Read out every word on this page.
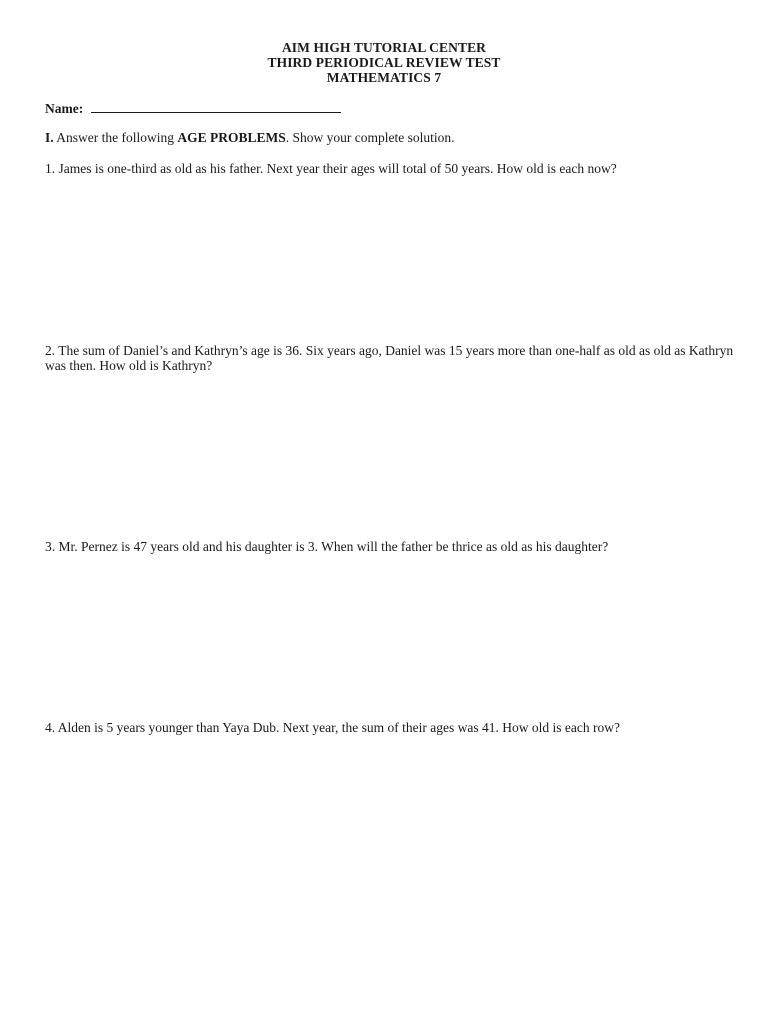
AIM HIGH TUTORIAL CENTER
THIRD PERIODICAL REVIEW TEST
MATHEMATICS 7
Name:
I. Answer the following AGE PROBLEMS. Show your complete solution.
1. James is one-third as old as his father. Next year their ages will total of 50 years. How old is each now?
2. The sum of Daniel’s and Kathryn’s age is 36. Six years ago, Daniel was 15 years more than one-half as old as old as Kathryn was then. How old is Kathryn?
3. Mr. Pernez is 47 years old and his daughter is 3. When will the father be thrice as old as his daughter?
4. Alden is 5 years younger than Yaya Dub. Next year, the sum of their ages was 41. How old is each row?
